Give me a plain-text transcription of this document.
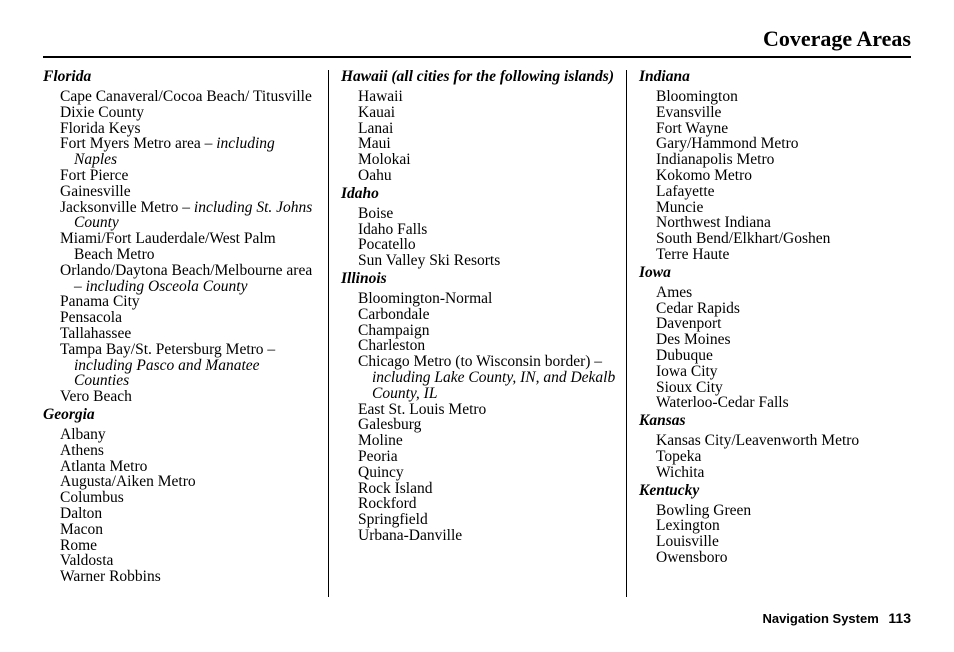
Coverage Areas
Florida
Cape Canaveral/Cocoa Beach/ Titusville
Dixie County
Florida Keys
Fort Myers Metro area – including Naples
Fort Pierce
Gainesville
Jacksonville Metro – including St. Johns County
Miami/Fort Lauderdale/West Palm Beach Metro
Orlando/Daytona Beach/Melbourne area – including Osceola County
Panama City
Pensacola
Tallahassee
Tampa Bay/St. Petersburg Metro – including Pasco and Manatee Counties
Vero Beach
Georgia
Albany
Athens
Atlanta Metro
Augusta/Aiken Metro
Columbus
Dalton
Macon
Rome
Valdosta
Warner Robbins
Hawaii (all cities for the following islands)
Hawaii
Kauai
Lanai
Maui
Molokai
Oahu
Idaho
Boise
Idaho Falls
Pocatello
Sun Valley Ski Resorts
Illinois
Bloomington-Normal
Carbondale
Champaign
Charleston
Chicago Metro (to Wisconsin border) – including Lake County, IN, and Dekalb County, IL
East St. Louis Metro
Galesburg
Moline
Peoria
Quincy
Rock Island
Rockford
Springfield
Urbana-Danville
Indiana
Bloomington
Evansville
Fort Wayne
Gary/Hammond Metro
Indianapolis Metro
Kokomo Metro
Lafayette
Muncie
Northwest Indiana
South Bend/Elkhart/Goshen
Terre Haute
Iowa
Ames
Cedar Rapids
Davenport
Des Moines
Dubuque
Iowa City
Sioux City
Waterloo-Cedar Falls
Kansas
Kansas City/Leavenworth Metro
Topeka
Wichita
Kentucky
Bowling Green
Lexington
Louisville
Owensboro
Navigation System 113
